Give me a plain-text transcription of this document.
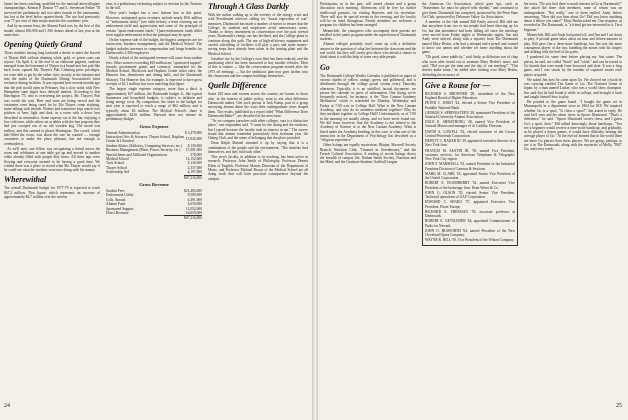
James has been coaching, qualified for the national intercollegiate championships. Kenton P. Deaton '77 and L. Stevenson Parker '78 survived the preliminary and two other rounds of the tournament, but lost at the level below quarter-finals. The two had previously won 77 per cent of their major matches this academic year.

And by no means least, the Alumni Fund was, by the first of this month, almost $30,000 and 1,500 donors ahead of last year at the same time.

Opening Quietly Grand

Those students having long harbored a desire to enter the bowels of Thayer Hall without draining white, gold, or green coats can rejoice. On April 4, at the end of an elaborate pageant, students emerged from the basement of Thayer to a brand-new but pub-like back room, opened Mr. Thayer's Pub. Claiming press privileges, we were able to get by the rather strict security at the entrance and into the midst of the Dartmouth Dining Association's most exclusive dining facilities. It was reported here several months ago that the pub would open in February, but a slow waltz with New Hampshire state liquor laws delayed matters. According to Jim Harrington '75, who is overseeing the project, Mr. Thayer's Pub was worth the wait. Beer and wine are being served and the customers were being cared for by Mo Thayer, some studying, some talking with friends. Waiters and waitresses kept watch over pitchers of beer, light and dark, in a room with a decor best described as minimalist. Some tapestry sat at the bar, enjoying a few cold ones, while others sat at tables with the free popcorn they had just scooped out of an old wooden keg. The mood was mellow, and this seemed to please Harrington. The crowd, which half-filled the room, was about the size he wanted — enough customers to make the place pleasant, but not enough to overburden it.

As we'll note, one fellow was recognizing a friend across the room and celebrants at one table got up and moved to another while already filled with people they knew. All three taps were flowing and everyone seemed to be having a good time. We wished there was a place to record what Mo Thayer would say if he could see what the students were now doing with his money.

Wherewithal

The overall Dartmouth budget for 1977-78 is expected to reach $67.2 million. That figure, which represents an increase of approximately $4.7 million over the current

year, is a preliminary reckoning subject to revision by the Trustees in the fall.

Next year's budget has a zero bottom line at this point. However, anticipated gross revenues include nearly $9.6 million of "endowment utility" (see table below), a term covering use of endowment yield and appreciation and some of the principal of certain "quasi-endowment funds." Quasi-endowment funds differ from regular endowment in that the principal may be spent.

On the expense side of the budget, the biggest categories are for instruction, business management, and the Medical School. The budget includes increases in compensation and fringe benefits for Dartmouth's 2,300 employees.

Nearly a third of the anticipated revenue will come from student fees. Other sources exceeding $10 million are "sponsored support" (mostly government grants and contracts, earmarked for the Medical School, Hitchcock and Hopkins Center ticket sales, the Hanover Inn, dormitories and dining halls, and the Dartmouth Skiway). The Hanover Inn, for example, is expected to have gross receipts of $2.1 million, but costs matching that figure.

The largest single expense category, more than a third, is approximately $27 million, the Dartmouth budget. It, like typical businesses and household budgets, is subject to inflation and rising energy costs. By comparison, the share in the budget for next year is expected to reach a range of $62 million, and is typically about $3 million. The Medical School's share is approximately $220 million. Harvard does not release its preliminary budget.

Gross Expense
General Administration	$ 3,479,000
Instruction (Arts & Sciences, Thayer School, Hopkins Center & Libraries)	13,945,000
Student Affairs (Athletics, Computing Services, etc.)	8,130,000
Business Management (Plant, Power, Security, etc.)	15,301,000
Special Items and Affiliated Organizations	378,000
Medical School	12,152,000
Tuck School	5,136,000
Thayer School	2,337,000
Scholarship Aid	4,197,000
	$67,216,000
Gross Revenue
Student Fees	$21,483,000
Endowment Utility	9,589,000
Gifts, Annual	4,491,000
Alumni Fund	4,650,000
Sponsored Support	12,052,000
Direct Revenue	16,059,000
	$67,216,000
Through A Glass Darkly

With the nation waking up to the severity of the energy crisis and with Presidential advisors calling for "moral equivalent of war" measures, Dartmouth has made a number of moves to ensure that the College, its students and employees avoid unnecessary waste. Thanks to heavy investment in conservation over the past several years, Dartmouth's energy use has declined, and the College plans to continue along this path. The use of high-efficiency equipment and careful scheduling of facilities will play a part, and some money-saving steps have already been taken in the heating plant and the Medical School.

Gasoline use by the College's own fleet has been reduced, and the purchasing office has been instructed to buy smaller vehicles. Most of this is routine — like the conservation program started after the 1973 oil embargo — but the ambitious plan now goes farther, into the classrooms and the campus buildings themselves.

Quelle Différence

Some 250 men and women across the country are homes to those who, in the interest of public policy, want to ask what difference Dartmouth makes. One such person is Jack Kemp, part of a group surveying alumni about the ways their undergraduate years shaped them. The results, published as a report titled "What Difference Does Dartmouth Make?", are described in the next issue.

"As we compare ourselves with other colleges, ours is a distinctive place," one respondent said. "I came for the skiing and the outdoors, but I stayed because the faculty took an interest in me." The survey found that alumni remember particularly their freshman year, the Outing Club, and the sense of belonging that the place provided.

Dean Ralph Manuel summed it up by saying that it is a combination of the people and the environment. "The students find themselves, and they find each other."

This year's faculty, in addition to its teaching, has been active in research. Professor John Smith of Philosophy, Professor Dennis Klein of English, Professor Marian Donovan of the Department of Music, and Professor Michael Brown of the Medical School are all doing work that will have practical consequences beyond the campus.

24

Participants, as in the past, will attend classes and a group discussion each morning. Afternoons will be free for further intellectual pursuits, for visiting Hanover, and for recreation. There will also be special events in the evening, and the faculty will be on hand throughout. Family members are welcome; a program for children has been arranged.

Meanwhile, the youngsters who accompany their parents are enrolled in the junior program under the supervision of Dartmouth students.

Alumni colleges probably won't come up with a definitive answer to the question of what lies between the classroom and the real world, but they will surely give those who attend a chance to think about it with the help of some very able people.

Go

The Dartmouth College Weekly Calendar is published on paper of various shades of yellow, orange, green, and goldenrod, and is distributed through the college postal system every Thursday afternoon. Typically, it is an unfrilled, factual document: we peruse the calendar in quest of information. One listing we've frequently noticed, for instance, is the "New Canaan Academy Meditation" which is scheduled for Monday, Wednesday and Friday at 7:00 a.m. in College Hall. What is the New Canaan Academy, and why do its members meditate together? Why do they meditate together in College Hall? Unfortunately, as of 7:00 in the morning we usually asleep, and we have never found out. We did learn, however, that the Academy is not related to the Academy of Science or to the New Canaan Academy. What is listed under the Academy heading, in this case, is what one of the instructors in the Department of Psychology has described as a "religious experience."

Other listings are equally mysterious: Bhajan, Maxwell Society Brunch, Nutrition Club, "Gnomes in Greenhouses," and the French Cultural Association. A reading of recent listings shows the breadth of campus life. Nathan Smith Society, Nutrition and the Mind, and the Graduate Students' Softball League.

the American Go Association, which gave tips, such as "Sometimes Go must be played with rhythm," and continued to give them. Dartmouth has competed, sponsored by the Penn State Go Club, sponsored by Delaware Valley Go Association.

A member of the club named Bill Emily arrived. Bill told me that anywhere from two to ten people had been showing up for Go, but that attendance had been falling off since the meetings were moved from Friday nights to Wednesday nights. Jim and Andy were arrived, along with a reporter from The Dartmouth named Mary Heslin, who had a notepad and a pencil and wanted to know our names and whether we knew anything about the game.

"Oh good, some publicity," said Andy, as diffusion sort of chap who soon after found out to examine Mary Heslin's notes, and said, "Did you get the time and the day of our meeting?" "This doesn't make sense," he added after looking over Mary Heslin, defending the accuracy of

Give a Rouse for —

RICHARD S. BROWNER '28, incumbent of the New England Board of Higher Education.

PETER C. KRIST '42, elected a Senior Vice President of Franklin National Bank.

GEORGE S. SPRINGSTEEN '48, nominated President of the Stanford University Alumni Association.

DALE E. ARMSTRONG '48, named Vice President of General Motors and manager of its Cadillac Division.

DAVID A. LOWELL '52, elected treasurer of the Crown Central Petroleum Corporation.

DEWITT C. BAKER III '49, appointed executive director of a New York firm.

FRANCIS M. AUSTIN JR. '50, named Vice President, customer services, for American Telephone & Telegraph's New York City region.

JOHN F. MARSHALL '53, named President of the Industrial Furniture Division of Lamson & Sessions.

MARK M. CLARK '65, appointed Senior Vice President of the United Corporation.

ROBERT E. WOODBERRY '54, named Executive Vice President of the brokerage firm, Dean Witter & Co.

JOHN G. OLSON '55, elected Senior Vice President, Technical operations of GAF Corporation.

EDWARD C. SENKO '57, appointed Executive Vice President, Pfizer Europe.

RICHARD E. FREEMAN '59, associate professor at Dartmouth.

ROBERT E. GETSLEDER '64, appointed Commissioner of Parks for Newark.

JOHN O. HIAWORTH '64, named President of the New Cleveland Opera Company.

WAYNE R. HILL '59, Vice President of the Wilson Company.

her notes. "Do you find there is much interest in Go at Dartmouth?" she asked the three club members, none of whom was an undergraduate. "Not really," one of them replied. Andy, before answering, "How did you hear about Go? Did you know anything about it before you came?" Mary Heslin asked me. Our response, as recorded in The Dartmouth, is "a friend got me interested in it. I'm a beginner."

Meanwhile, Bill and Andy had paired off, and Jim and I sat down to play. A pivotal game takes about an hour and fifteen minutes to play. Bill gave Jim a three-stone handicap, but Jim was the more courageous player of the two, handling the stones with his fingers and striking with the heel of his palm.

I pondered for some time before placing my first stone. The pieces, he said, are called "black" and "white," and can be traced to Go boards that were made from boxwood and slate. It was a long game, and I was struck by the number of captured stones each player acquired.

We asked Jim how he came upon Go. He showed me a book he was carrying entitled The Game of Go: The National Game of Japan, by a man named Lasker, who was a world chess champion. Jim said that he had found it while in college, and brought it back and taught himself how to play.

He pointed to the game board. "I bought the game set in Minneapolis in a department store in 1964 for $18. We inquired whether Go is a sport. "Is chess a sport?" Jim asked in reply. He said he'd seen articles about chess in Sports Illustrated. "That's a difference," he said. "Sports Illustrated covers chess, and I guess Go's a sport, then." Bill talked knowingly about handicaps. "You see a beginner would receive a nine-stone handicap, and gradually, as he played a dozen games, it would have difficulty beating the average player of Go." At the end we learned that in the world there are more Go players than chess players. We are going, perhaps, to see it in The Dartmouth, along with the mysteries of Molly, "Bill" Go, and every week.

25
